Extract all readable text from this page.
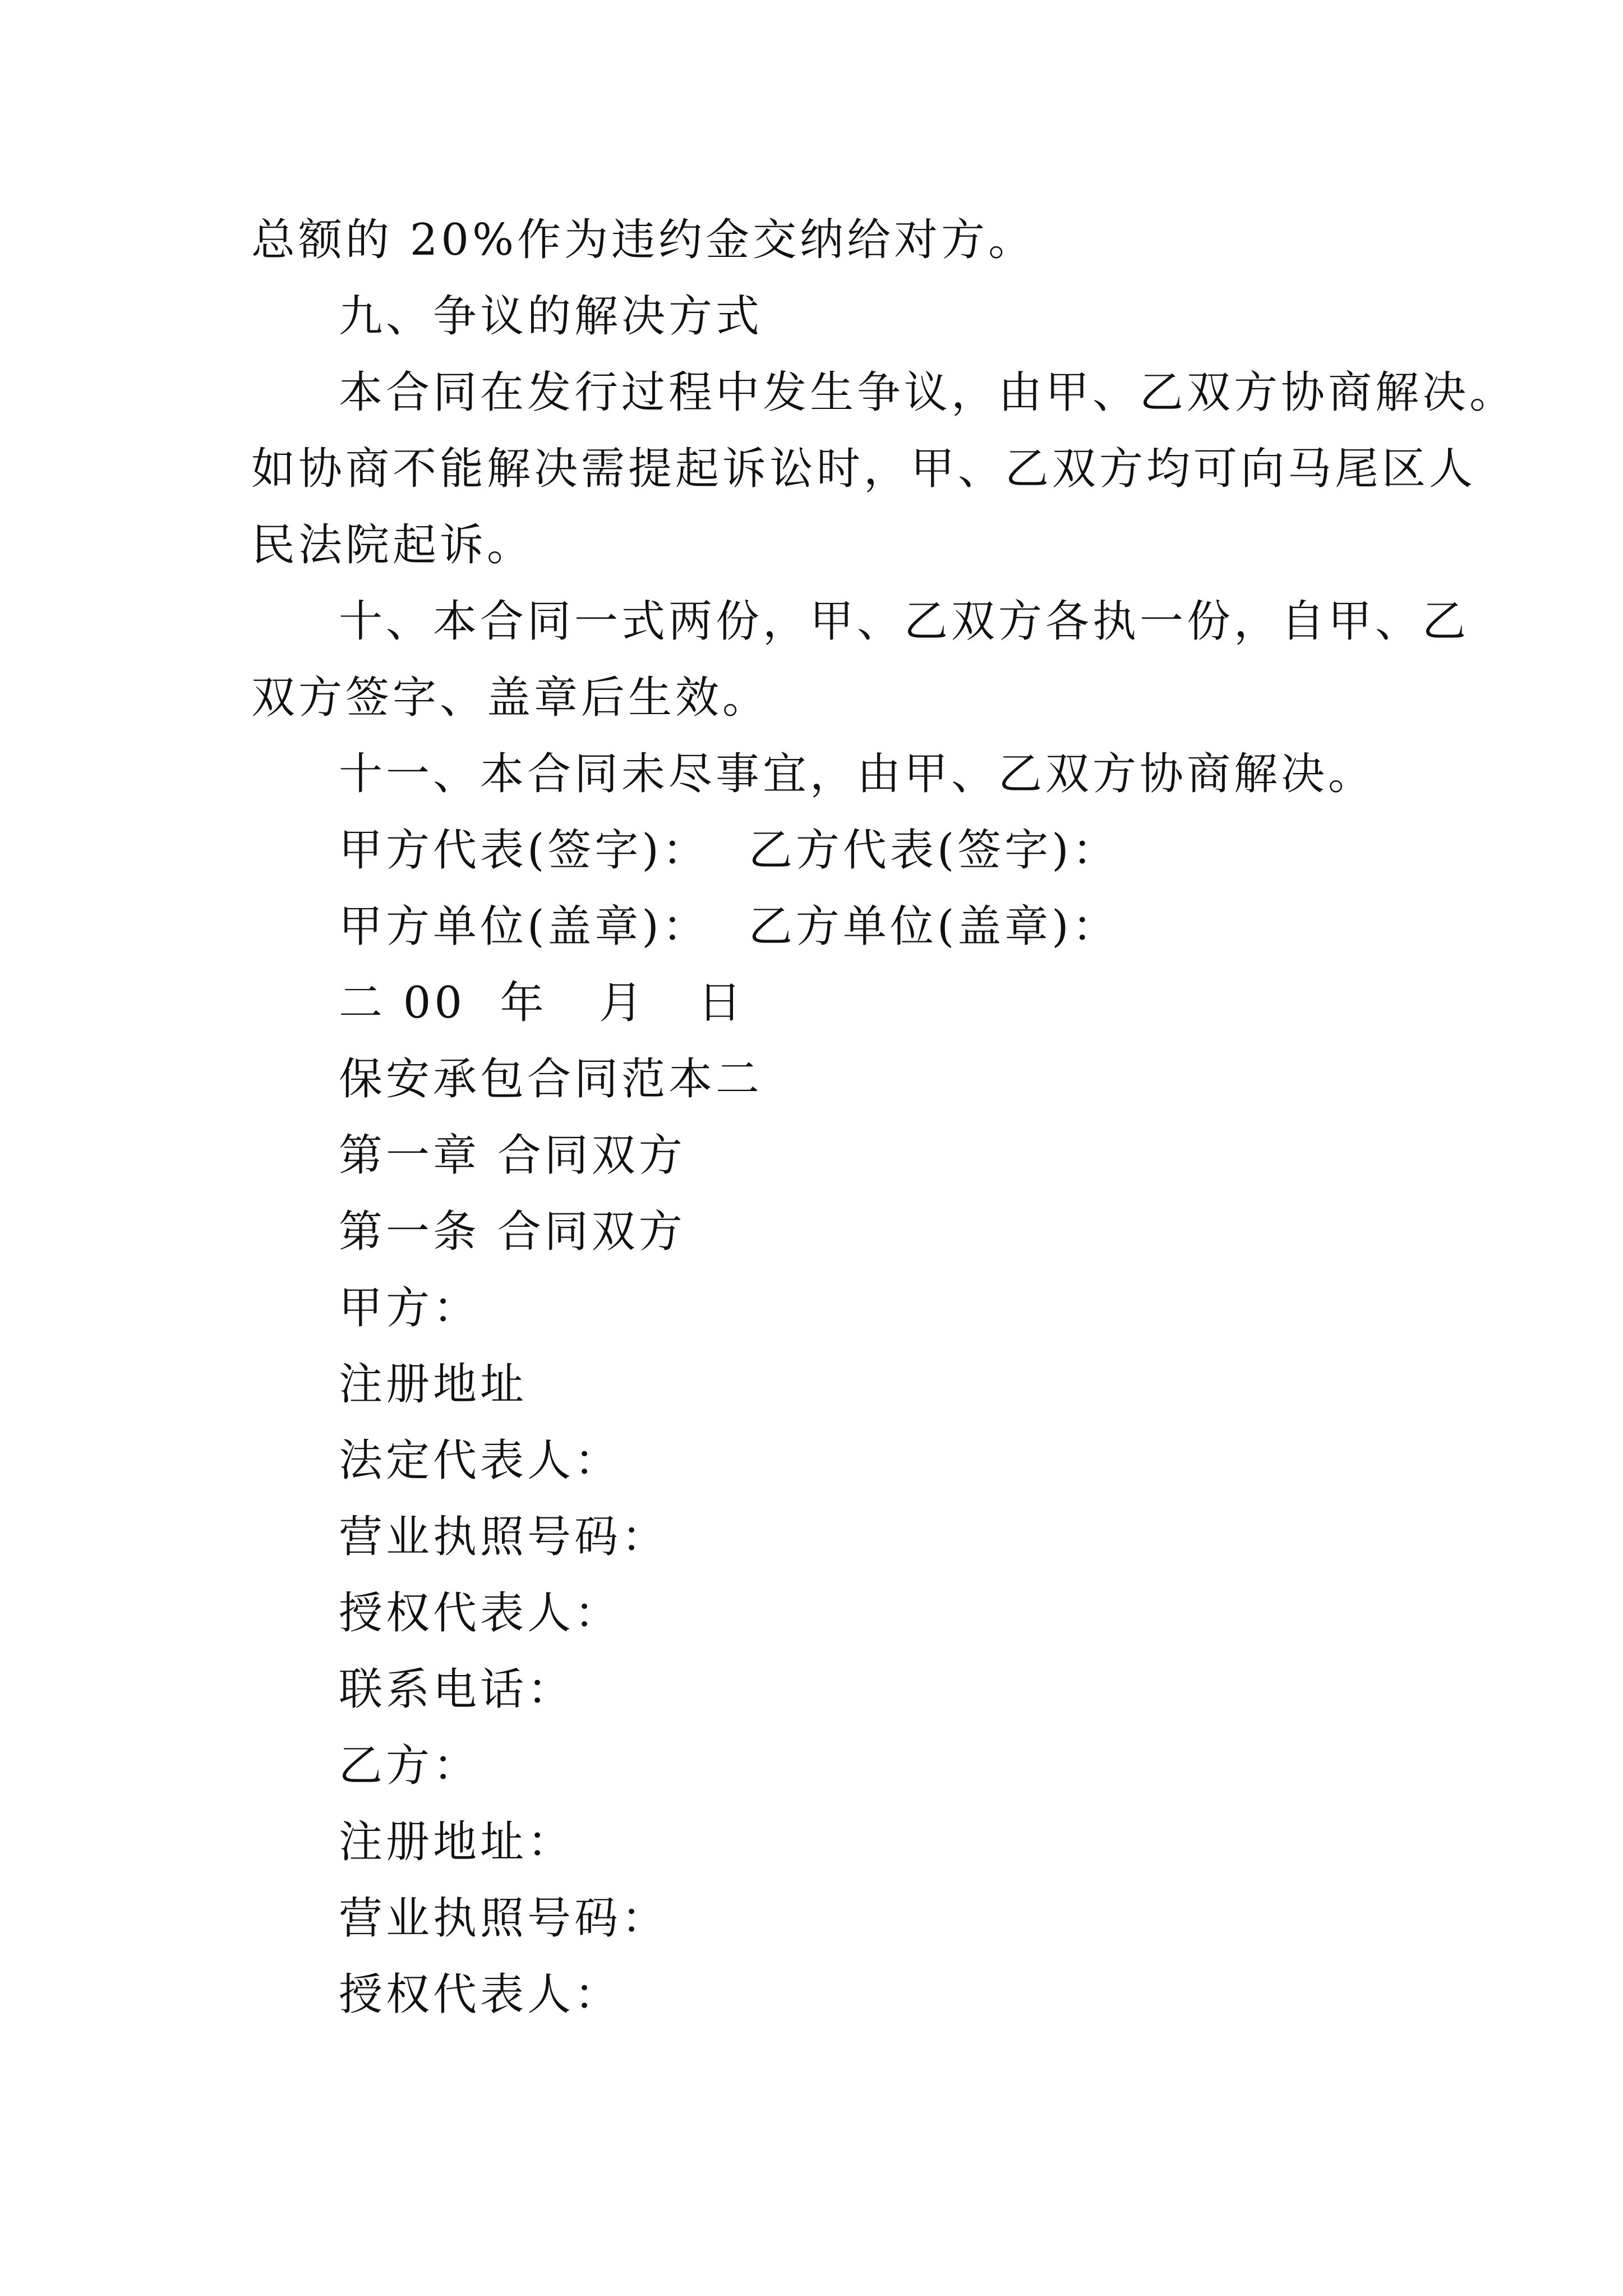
总额的 20%作为违约金交纳给对方。
九、争议的解决方式
本合同在发行过程中发生争议，由甲、乙双方协商解决。
如协商不能解决需提起诉讼时，甲、乙双方均可向马尾区人
民法院起诉。
十、本合同一式两份，甲、乙双方各执一份，自甲、乙
双方签字、盖章后生效。
十一、本合同未尽事宜，由甲、乙双方协商解决。
甲方代表(签字)： 乙方代表(签字)：
甲方单位(盖章)： 乙方单位(盖章)：
二 00  年   月   日
保安承包合同范本二
第一章 合同双方
第一条 合同双方
甲方：
注册地址
法定代表人：
营业执照号码：
授权代表人：
联系电话：
乙方：
注册地址：
营业执照号码：
授权代表人：
